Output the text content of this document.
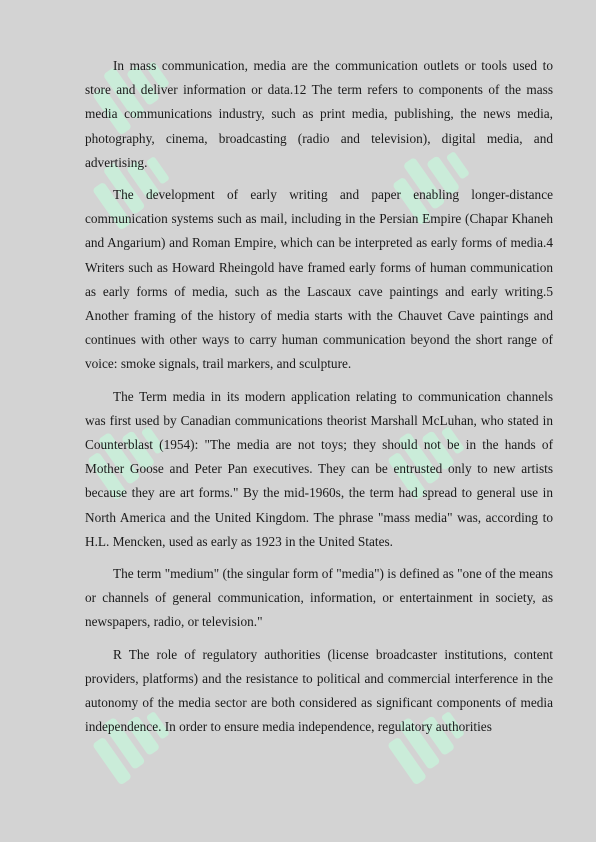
In mass communication, media are the communication outlets or tools used to store and deliver information or data.12 The term refers to components of the mass media communications industry, such as print media, publishing, the news media, photography, cinema, broadcasting (radio and television), digital media, and advertising.

The development of early writing and paper enabling longer-distance communication systems such as mail, including in the Persian Empire (Chapar Khaneh and Angarium) and Roman Empire, which can be interpreted as early forms of media.4 Writers such as Howard Rheingold have framed early forms of human communication as early forms of media, such as the Lascaux cave paintings and early writing.5 Another framing of the history of media starts with the Chauvet Cave paintings and continues with other ways to carry human communication beyond the short range of voice: smoke signals, trail markers, and sculpture.

The Term media in its modern application relating to communication channels was first used by Canadian communications theorist Marshall McLuhan, who stated in Counterblast (1954): "The media are not toys; they should not be in the hands of Mother Goose and Peter Pan executives. They can be entrusted only to new artists because they are art forms." By the mid-1960s, the term had spread to general use in North America and the United Kingdom. The phrase "mass media" was, according to H.L. Mencken, used as early as 1923 in the United States.

The term "medium" (the singular form of "media") is defined as "one of the means or channels of general communication, information, or entertainment in society, as newspapers, radio, or television."

R The role of regulatory authorities (license broadcaster institutions, content providers, platforms) and the resistance to political and commercial interference in the autonomy of the media sector are both considered as significant components of media independence. In order to ensure media independence, regulatory authorities
